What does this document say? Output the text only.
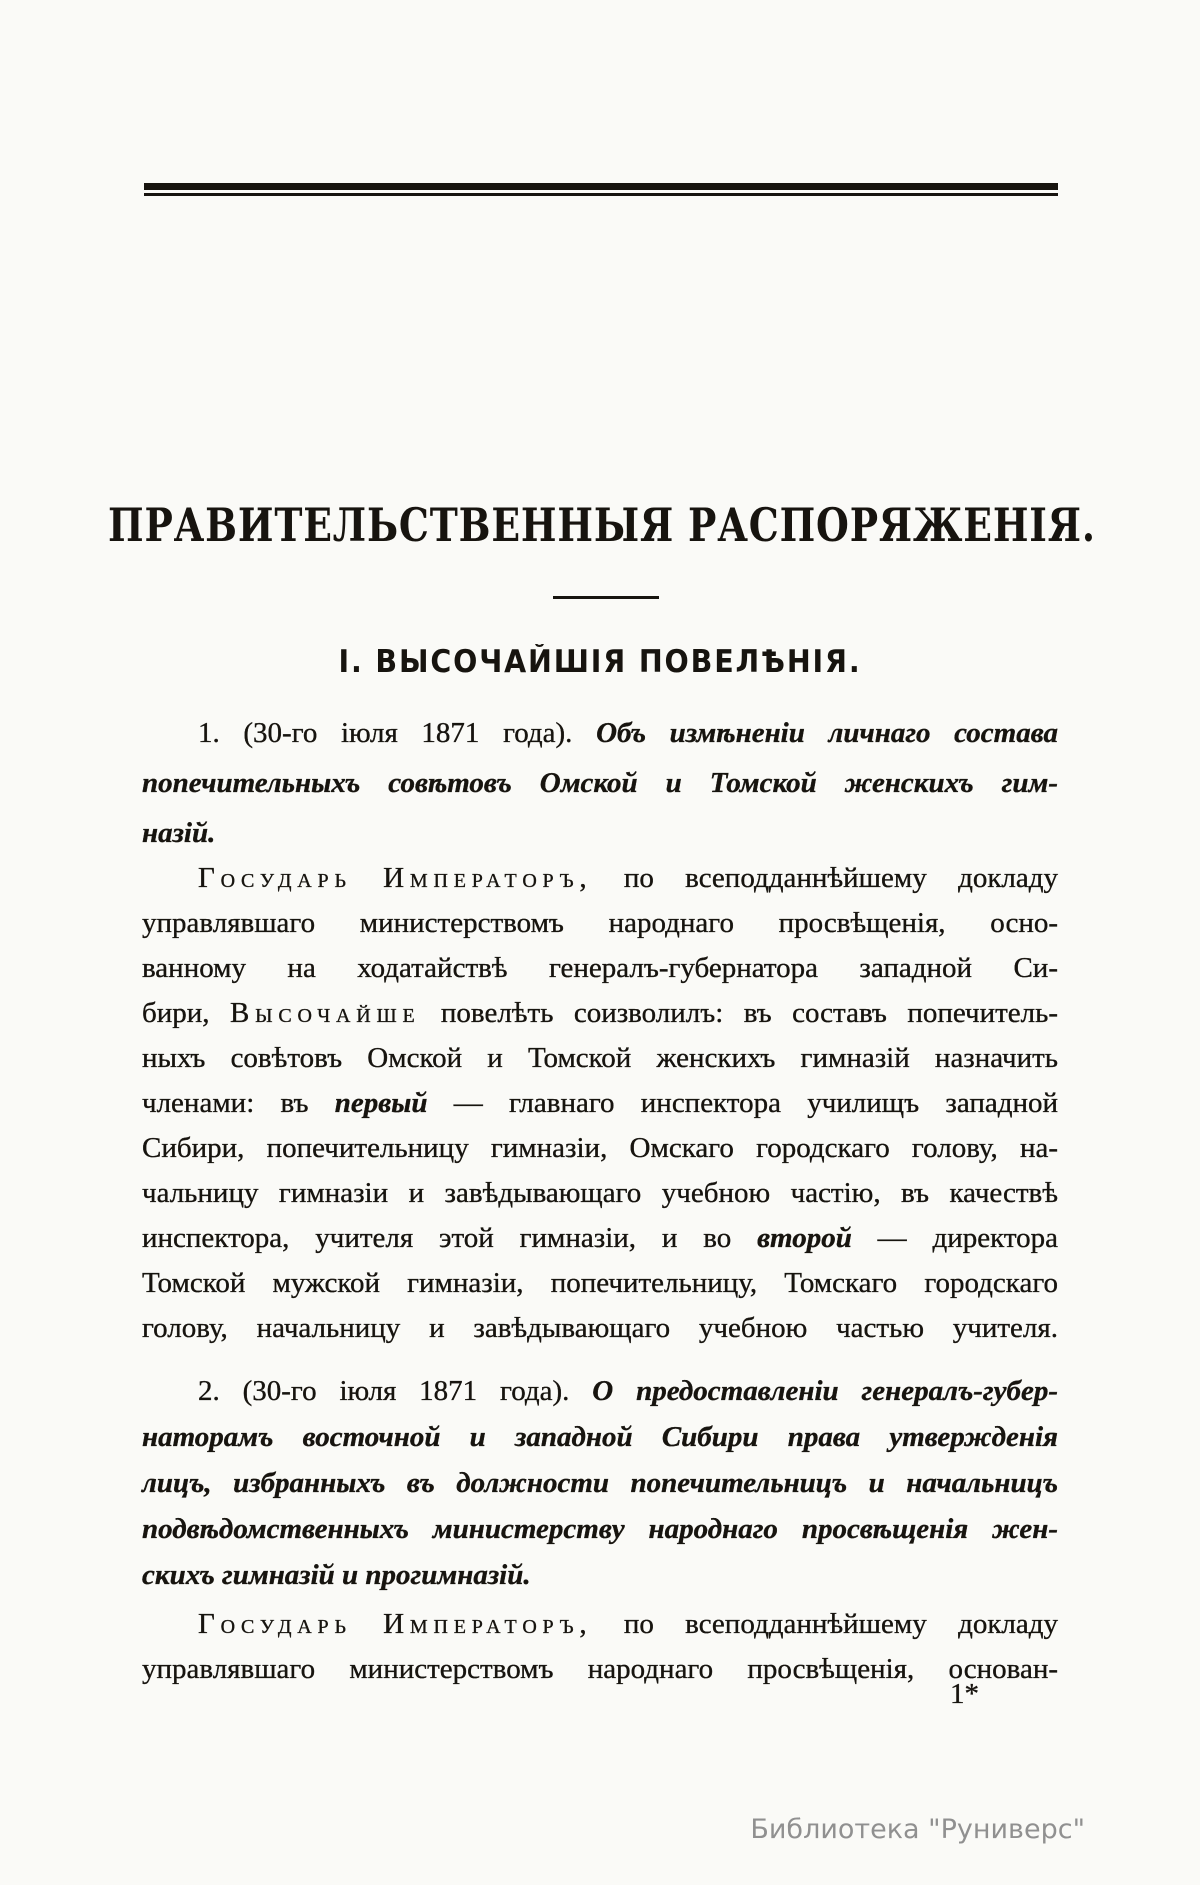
ПРАВИТЕЛЬСТВЕННЫЯ РАСПОРЯЖЕНІЯ.
І. ВЫСОЧАЙШІЯ ПОВЕЛѢНІЯ.

1. (30-го іюля 1871 года). Объ измѣненіи личнаго состава

попечительныхъ совѣтовъ Омской и Томской женскихъ гим-

назій.

Государь Императоръ, по всеподданнѣйшему докладу

управлявшаго министерствомъ народнаго просвѣщенія, осно-

ванному на ходатайствѣ генералъ-губернатора западной Си-

бири, Высочайше повелѣть соизволилъ: въ составъ попечитель-

ныхъ совѣтовъ Омской и Томской женскихъ гимназій назначить

членами: въ первый — главнаго инспектора училищъ западной

Сибири, попечительницу гимназіи, Омскаго городскаго голову, на-

чальницу гимназіи и завѣдывающаго учебною частію, въ качествѣ

инспектора, учителя этой гимназіи, и во второй — директора

Томской мужской гимназіи, попечительницу, Томскаго городскаго

голову, начальницу и завѣдывающаго учебною частью учителя.

2. (30-го іюля 1871 года). О предоставленіи генералъ-губер-

наторамъ восточной и западной Сибири права утвержденія

лицъ, избранныхъ въ должности попечительницъ и начальницъ

подвѣдомственныхъ министерству народнаго просвѣщенія жен-

скихъ гимназій и прогимназій.

Государь Императоръ, по всеподданнѣйшему докладу

управлявшаго министерствомъ народнаго просвѣщенія, основан-

1*
Библиотека "Руниверс"
